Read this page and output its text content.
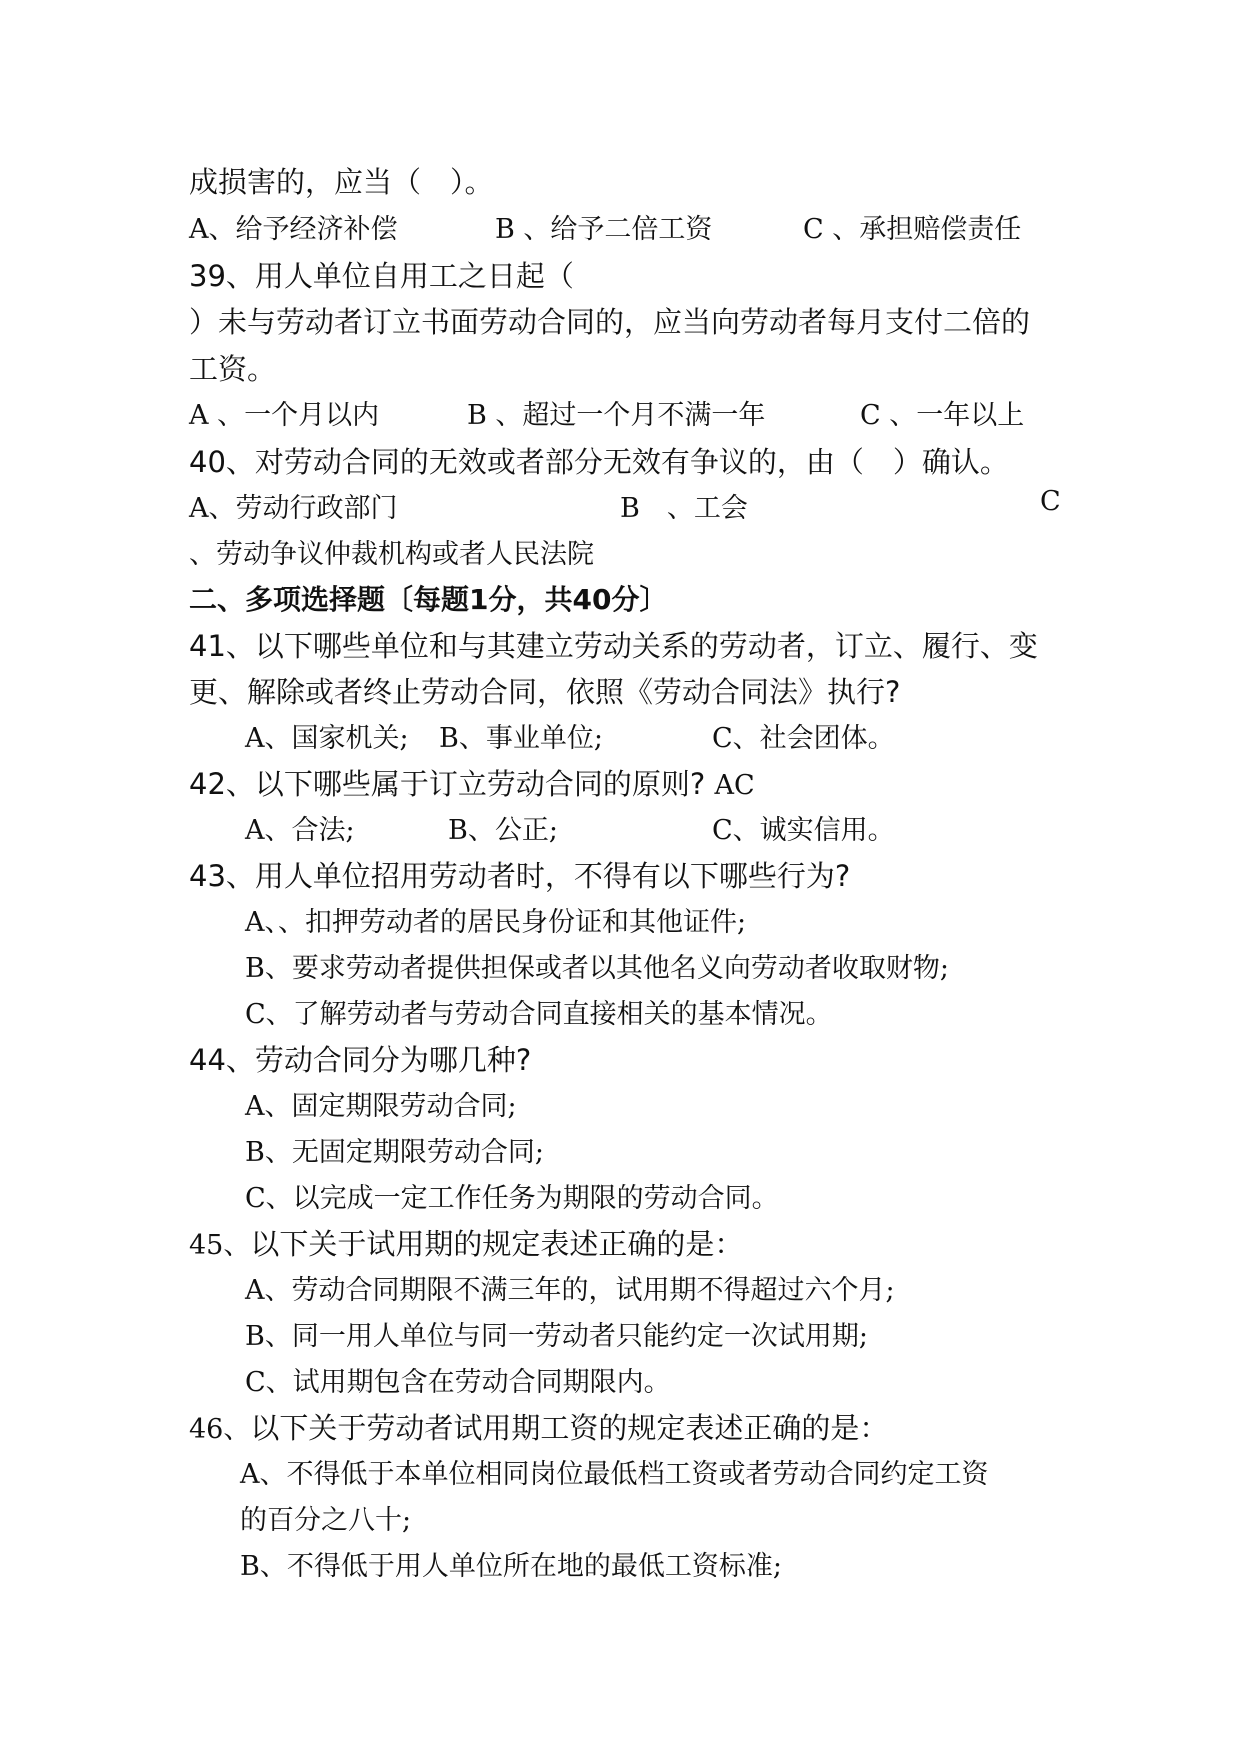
成损害的，应当（　）。
A、给予经济补偿	B 、给予二倍工资	C 、承担赔偿责任
39、用人单位自用工之日起（
）未与劳动者订立书面劳动合同的，应当向劳动者每月支付二倍的
工资。
A 、一个月以内	B 、超过一个月不满一年	C 、一年以上
40、对劳动合同的无效或者部分无效有争议的，由（　）确认。
A、劳动行政部门	B　、工会	C
、劳动争议仲裁机构或者人民法院
二、多项选择题〔每题1分，共40分〕
41、以下哪些单位和与其建立劳动关系的劳动者，订立、履行、变
更、解除或者终止劳动合同，依照《劳动合同法》执行?
A、国家机关; B、事业单位;	C、社会团体。
42、以下哪些属于订立劳动合同的原则? AC
A、合法;	B、公正;	C、诚实信用。
43、用人单位招用劳动者时，不得有以下哪些行为?
A、、扣押劳动者的居民身份证和其他证件;
B、要求劳动者提供担保或者以其他名义向劳动者收取财物;
C、了解劳动者与劳动合同直接相关的基本情况。
44、劳动合同分为哪几种?
A、固定期限劳动合同;
B、无固定期限劳动合同;
C、以完成一定工作任务为期限的劳动合同。
45、以下关于试用期的规定表述正确的是：
A、劳动合同期限不满三年的，试用期不得超过六个月;
B、同一用人单位与同一劳动者只能约定一次试用期;
C、试用期包含在劳动合同期限内。
46、以下关于劳动者试用期工资的规定表述正确的是：
A、不得低于本单位相同岗位最低档工资或者劳动合同约定工资
的百分之八十;
B、不得低于用人单位所在地的最低工资标准;
